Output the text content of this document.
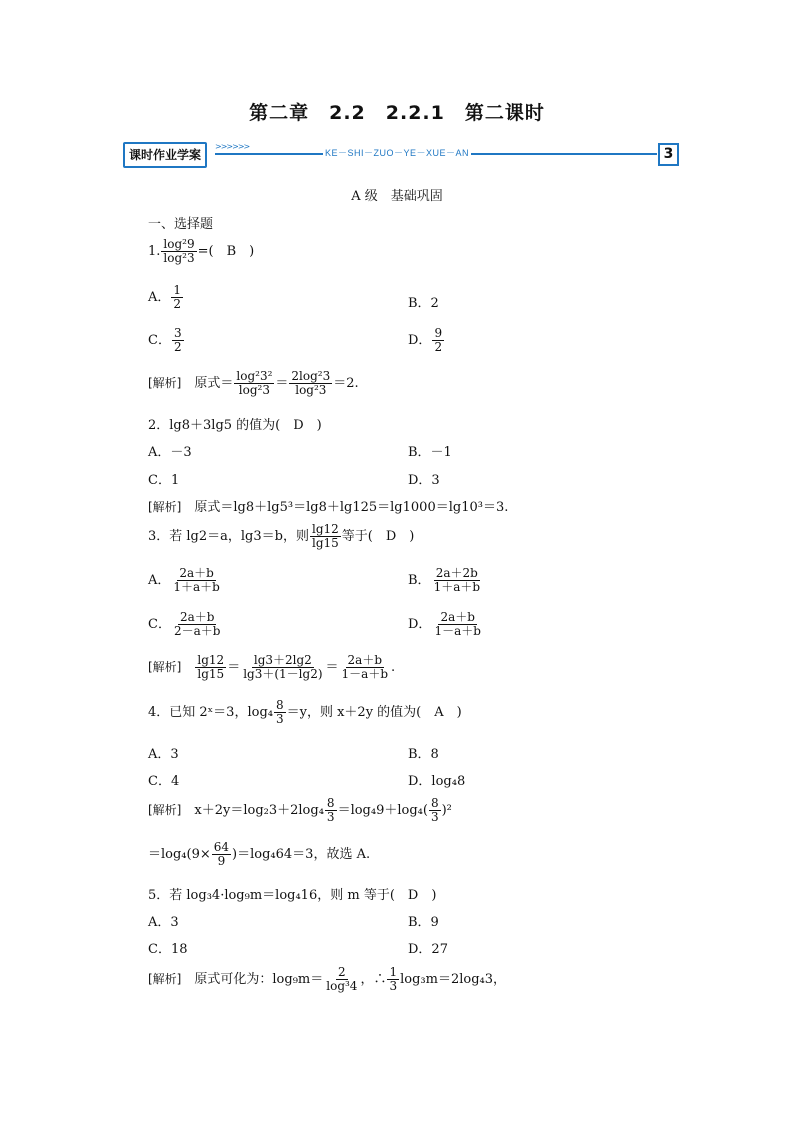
第二章　2.2　2.2.1　第二课时
课时作业学案
>>>>>>
KE－SHI－ZUO－YE－XUE－AN	3
A 级　基础巩固
一、选择题
1. $\frac{\text{log²9}}{\text{log²3}}$ =(　B　)
A． $\frac{1}{2}$	B．2
C． $\frac{3}{2}$	D． $\frac{9}{2}$
[解析]　 原式＝ $\frac{\text{log²3²}}{\text{log²3}} = \frac{\text{2log²3}}{\text{log²3}} =2$.
2．lg8＋3lg5 的值为(　D　)
A．－3	B．－1
C．1	D．3
[解析]　 原式＝lg8＋lg5³＝lg8＋lg125＝lg1000＝lg10³＝3.
3．若 lg2＝a，lg3＝b，则 $\frac{\lg 12}{\lg 15}$ 等于(　D　)
A． $\frac{2a+b}{1+a+b}$	B． $\frac{2a+2b}{1+a+b}$
C． $\frac{2a+b}{2-a+b}$	D． $\frac{2a+b}{1-a+b}$
[解析]　 $\frac{\lg 12}{\lg 15} = \frac{\lg 3+2\lg 2}{\lg 3+(1-\lg 2)} = \frac{2a+b}{1-a+b}$ .
4．已知 2ˣ＝3，$\log_4 \frac{8}{3} =y$，则 x＋2y 的值为(　A　)
A．3	B．8
C．4	D．log₄8
[解析]　 $x+2y=\log_23+2\log_4 \frac{8}{3} =\log_49+\log_4( \frac{8}{3} )^2$
$=\log_4(9\times \frac{64}{9} )=\log_464=3$，故选 A.
5．若 log₃4·log₉m＝log₄16，则 m 等于(　D　)
A．3	B．9
C．18	D．27
[解析]　 原式可化为：$\log_9m= \frac{2}{\text{log³4}}$ ，∴ $\frac{1}{3} \log_3m=2\log_43$，
